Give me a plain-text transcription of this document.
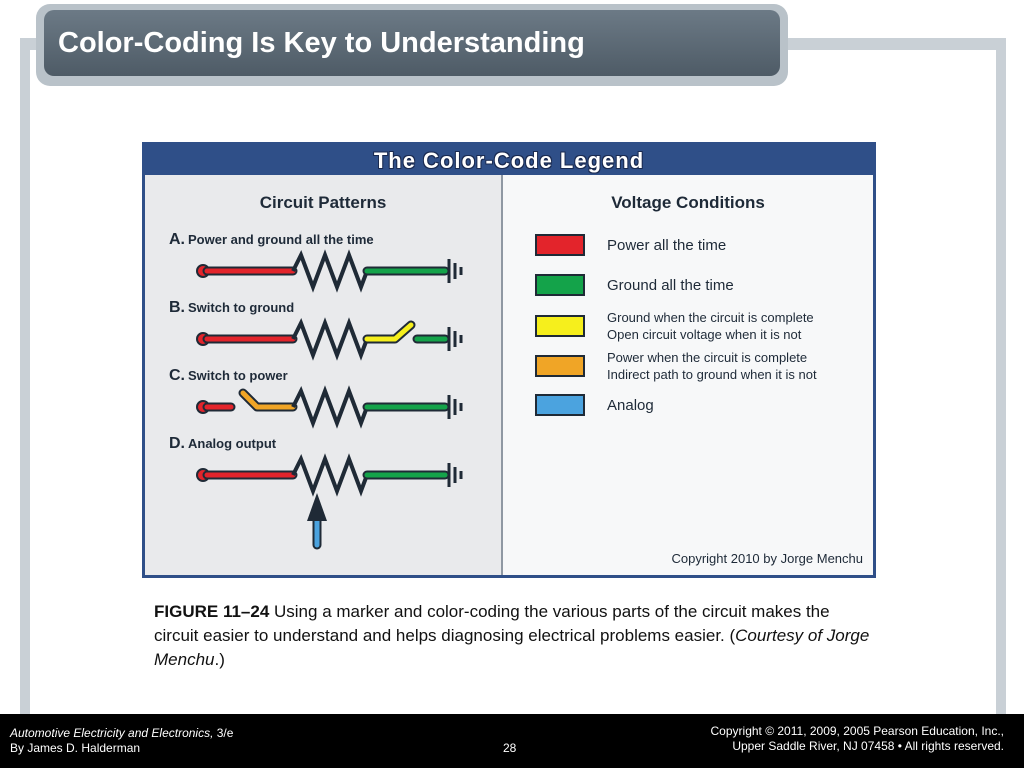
Color-Coding Is Key to Understanding
The Color-Code Legend
Circuit Patterns
A. Power and ground all the time
B. Switch to ground
C. Switch to power
D. Analog output
Voltage Conditions
Power all the time
Ground all the time
Ground when the circuit is complete
Open circuit voltage when it is not
Power when the circuit is complete
Indirect path to ground when it is not
Analog
Copyright 2010 by Jorge Menchu
FIGURE 11–24 Using a marker and color-coding the various parts of the circuit makes the circuit easier to understand and helps diagnosing electrical problems easier. (Courtesy of Jorge Menchu.)
Automotive Electricity and Electronics, 3/e
By James D. Halderman	28
Copyright © 2011, 2009, 2005 Pearson Education, Inc.,
Upper Saddle River, NJ 07458 • All rights reserved.
